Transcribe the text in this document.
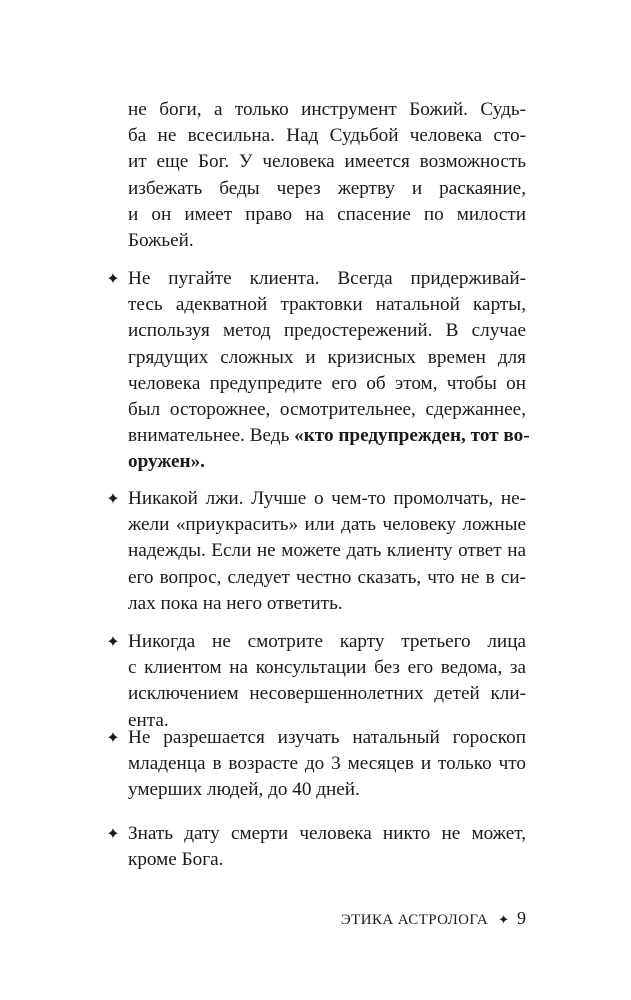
не боги, а только инструмент Божий. Судь-
ба не всесильна. Над Судьбой человека сто-
ит еще Бог. У человека имеется возможность
избежать беды через жертву и раскаяние,
и он имеет право на спасение по милости
Божьей.
✦ Не пугайте клиента. Всегда придерживай-
тесь адекватной трактовки натальной карты,
используя метод предостережений. В случае
грядущих сложных и кризисных времен для
человека предупредите его об этом, чтобы он
был осторожнее, осмотрительнее, сдержаннее,
внимательнее. Ведь «кто предупрежден, тот во-
оружен».
✦ Никакой лжи. Лучше о чем-то промолчать, не-
жели «приукрасить» или дать человеку ложные
надежды. Если не можете дать клиенту ответ на
его вопрос, следует честно сказать, что не в си-
лах пока на него ответить.
✦ Никогда не смотрите карту третьего лица
с клиентом на консультации без его ведома, за
исключением несовершеннолетних детей кли-
ента.
✦ Не разрешается изучать натальный гороскоп
младенца в возрасте до 3 месяцев и только что
умерших людей, до 40 дней.
✦ Знать дату смерти человека никто не может,
кроме Бога.
ЭТИКА АСТРОЛОГА ✦ 9
